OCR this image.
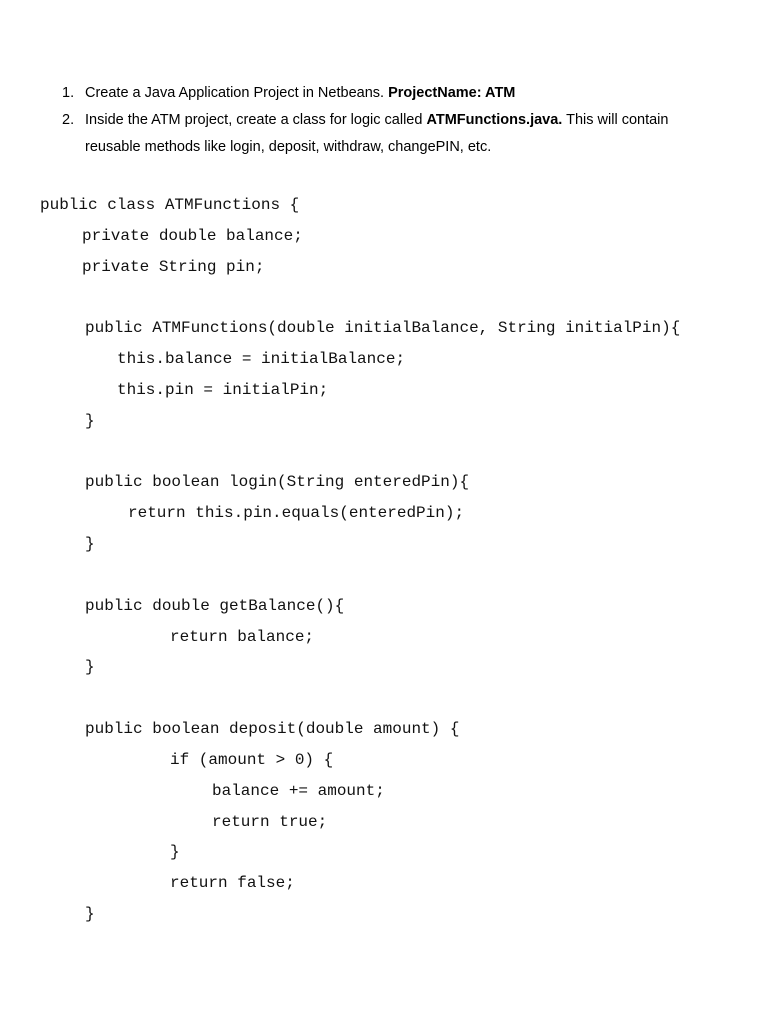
1. Create a Java Application Project in Netbeans. ProjectName: ATM
2. Inside the ATM project, create a class for logic called ATMFunctions.java. This will contain reusable methods like login, deposit, withdraw, changePIN, etc.
public class ATMFunctions {
private double balance;
private String pin;
public ATMFunctions(double initialBalance, String initialPin){
this.balance = initialBalance;
this.pin = initialPin;
}
public boolean login(String enteredPin){
return this.pin.equals(enteredPin);
}
public double getBalance(){
return balance;
}
public boolean deposit(double amount) {
if (amount > 0) {
balance += amount;
return true;
}
return false;
}
